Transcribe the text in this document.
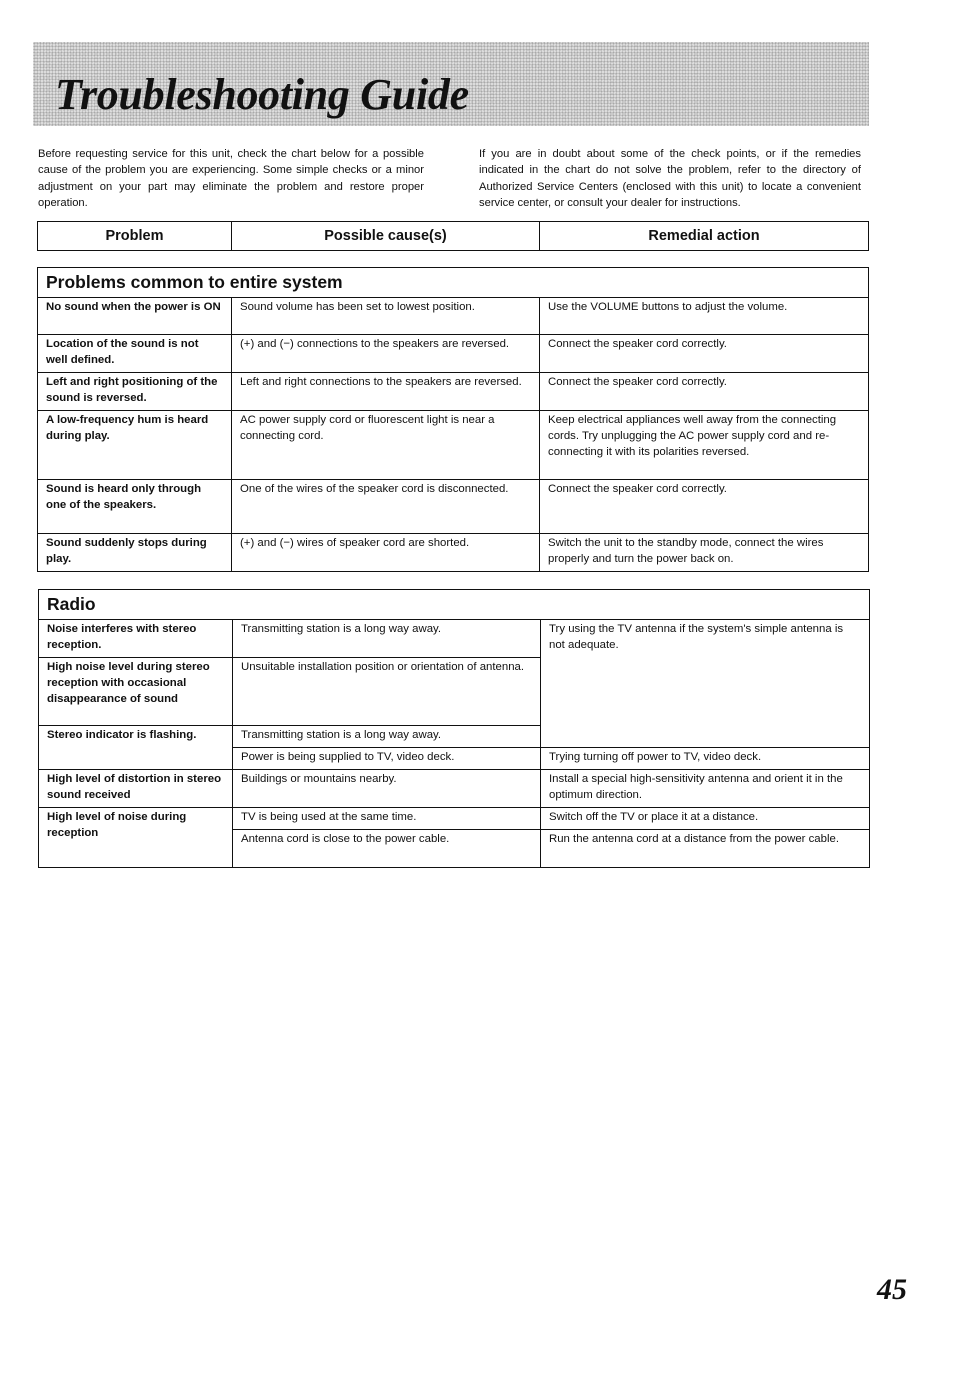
Troubleshooting Guide

Before requesting service for this unit, check the chart below for a possible cause of the problem you are experiencing. Some simple checks or a minor adjustment on your part may eliminate the problem and restore proper operation.

If you are in doubt about some of the check points, or if the remedies indicated in the chart do not solve the problem, refer to the directory of Authorized Service Centers (enclosed with this unit) to locate a convenient service center, or consult your dealer for instructions.

Problem	Possible cause(s)	Remedial action
Problems common to entire system		
No sound when the power is ON	Sound volume has been set to lowest position.	Use the VOLUME buttons to adjust the volume.
Location of the sound is not well defined.	(+) and (−) connections to the speakers are reversed.	Connect the speaker cord correctly.
Left and right positioning of the sound is reversed.	Left and right connections to the speakers are reversed.	Connect the speaker cord correctly.
A low-frequency hum is heard during play.	AC power supply cord or fluorescent light is near a connecting cord.	Keep electrical appliances well away from the connecting cords. Try unplugging the AC power supply cord and re-connecting it with its polarities reversed.
Sound is heard only through one of the speakers.	One of the wires of the speaker cord is disconnected.	Connect the speaker cord correctly.
Sound suddenly stops during play.	(+) and (−) wires of speaker cord are shorted.	Switch the unit to the standby mode, connect the wires properly and turn the power back on.
Radio		
Noise interferes with stereo reception.	Transmitting station is a long way away.	Try using the TV antenna if the system's simple antenna is not adequate.
High noise level during stereo reception with occasional disappearance of sound	Unsuitable installation position or orientation of antenna.	
Stereo indicator is flashing.	Transmitting station is a long way away.	
	Power is being supplied to TV, video deck.	Trying turning off power to TV, video deck.
High level of distortion in stereo sound received	Buildings or mountains nearby.	Install a special high-sensitivity antenna and orient it in the optimum direction.
High level of noise during reception	TV is being used at the same time.	Switch off the TV or place it at a distance.
	Antenna cord is close to the power cable.	Run the antenna cord at a distance from the power cable.

45
